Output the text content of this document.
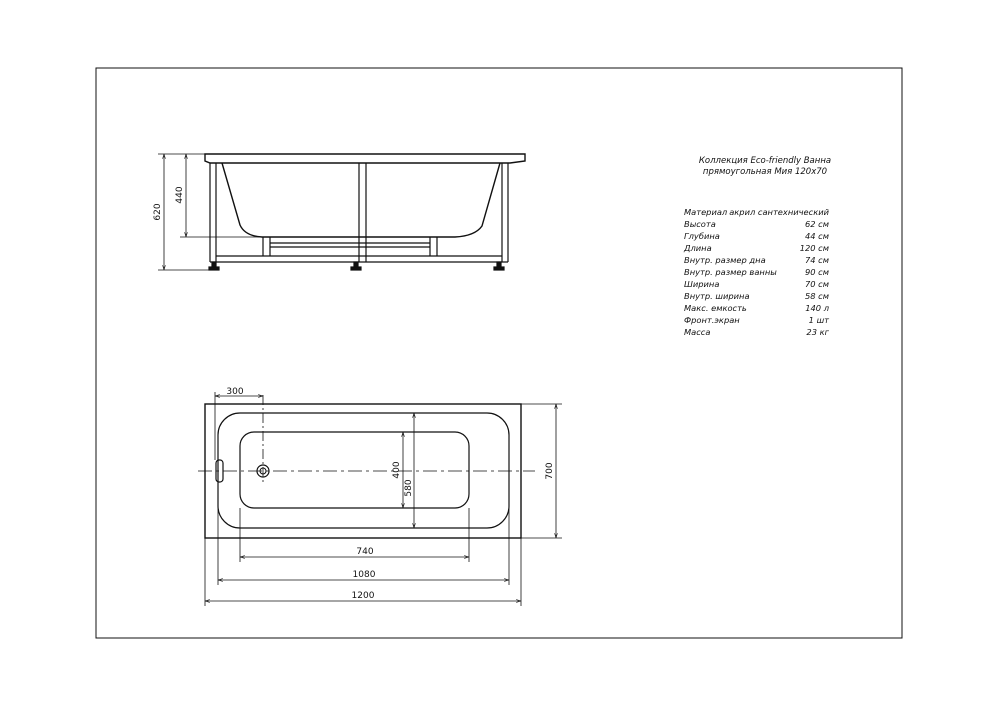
620
440
300
400
580
700
740
1080
1200
Коллекция Eco-friendly Ванна
прямоугольная Мия 120х70
Материал акрил сантехнический
Высота	62 см
Глубина	44 см
Длина	120 см
Внутр. размер дна	74 см
Внутр. размер ванны	90 см
Ширина	70 см
Внутр. ширина	58 см
Макс. емкость	140 л
Фронт.экран	1 шт
Масса	23 кг
